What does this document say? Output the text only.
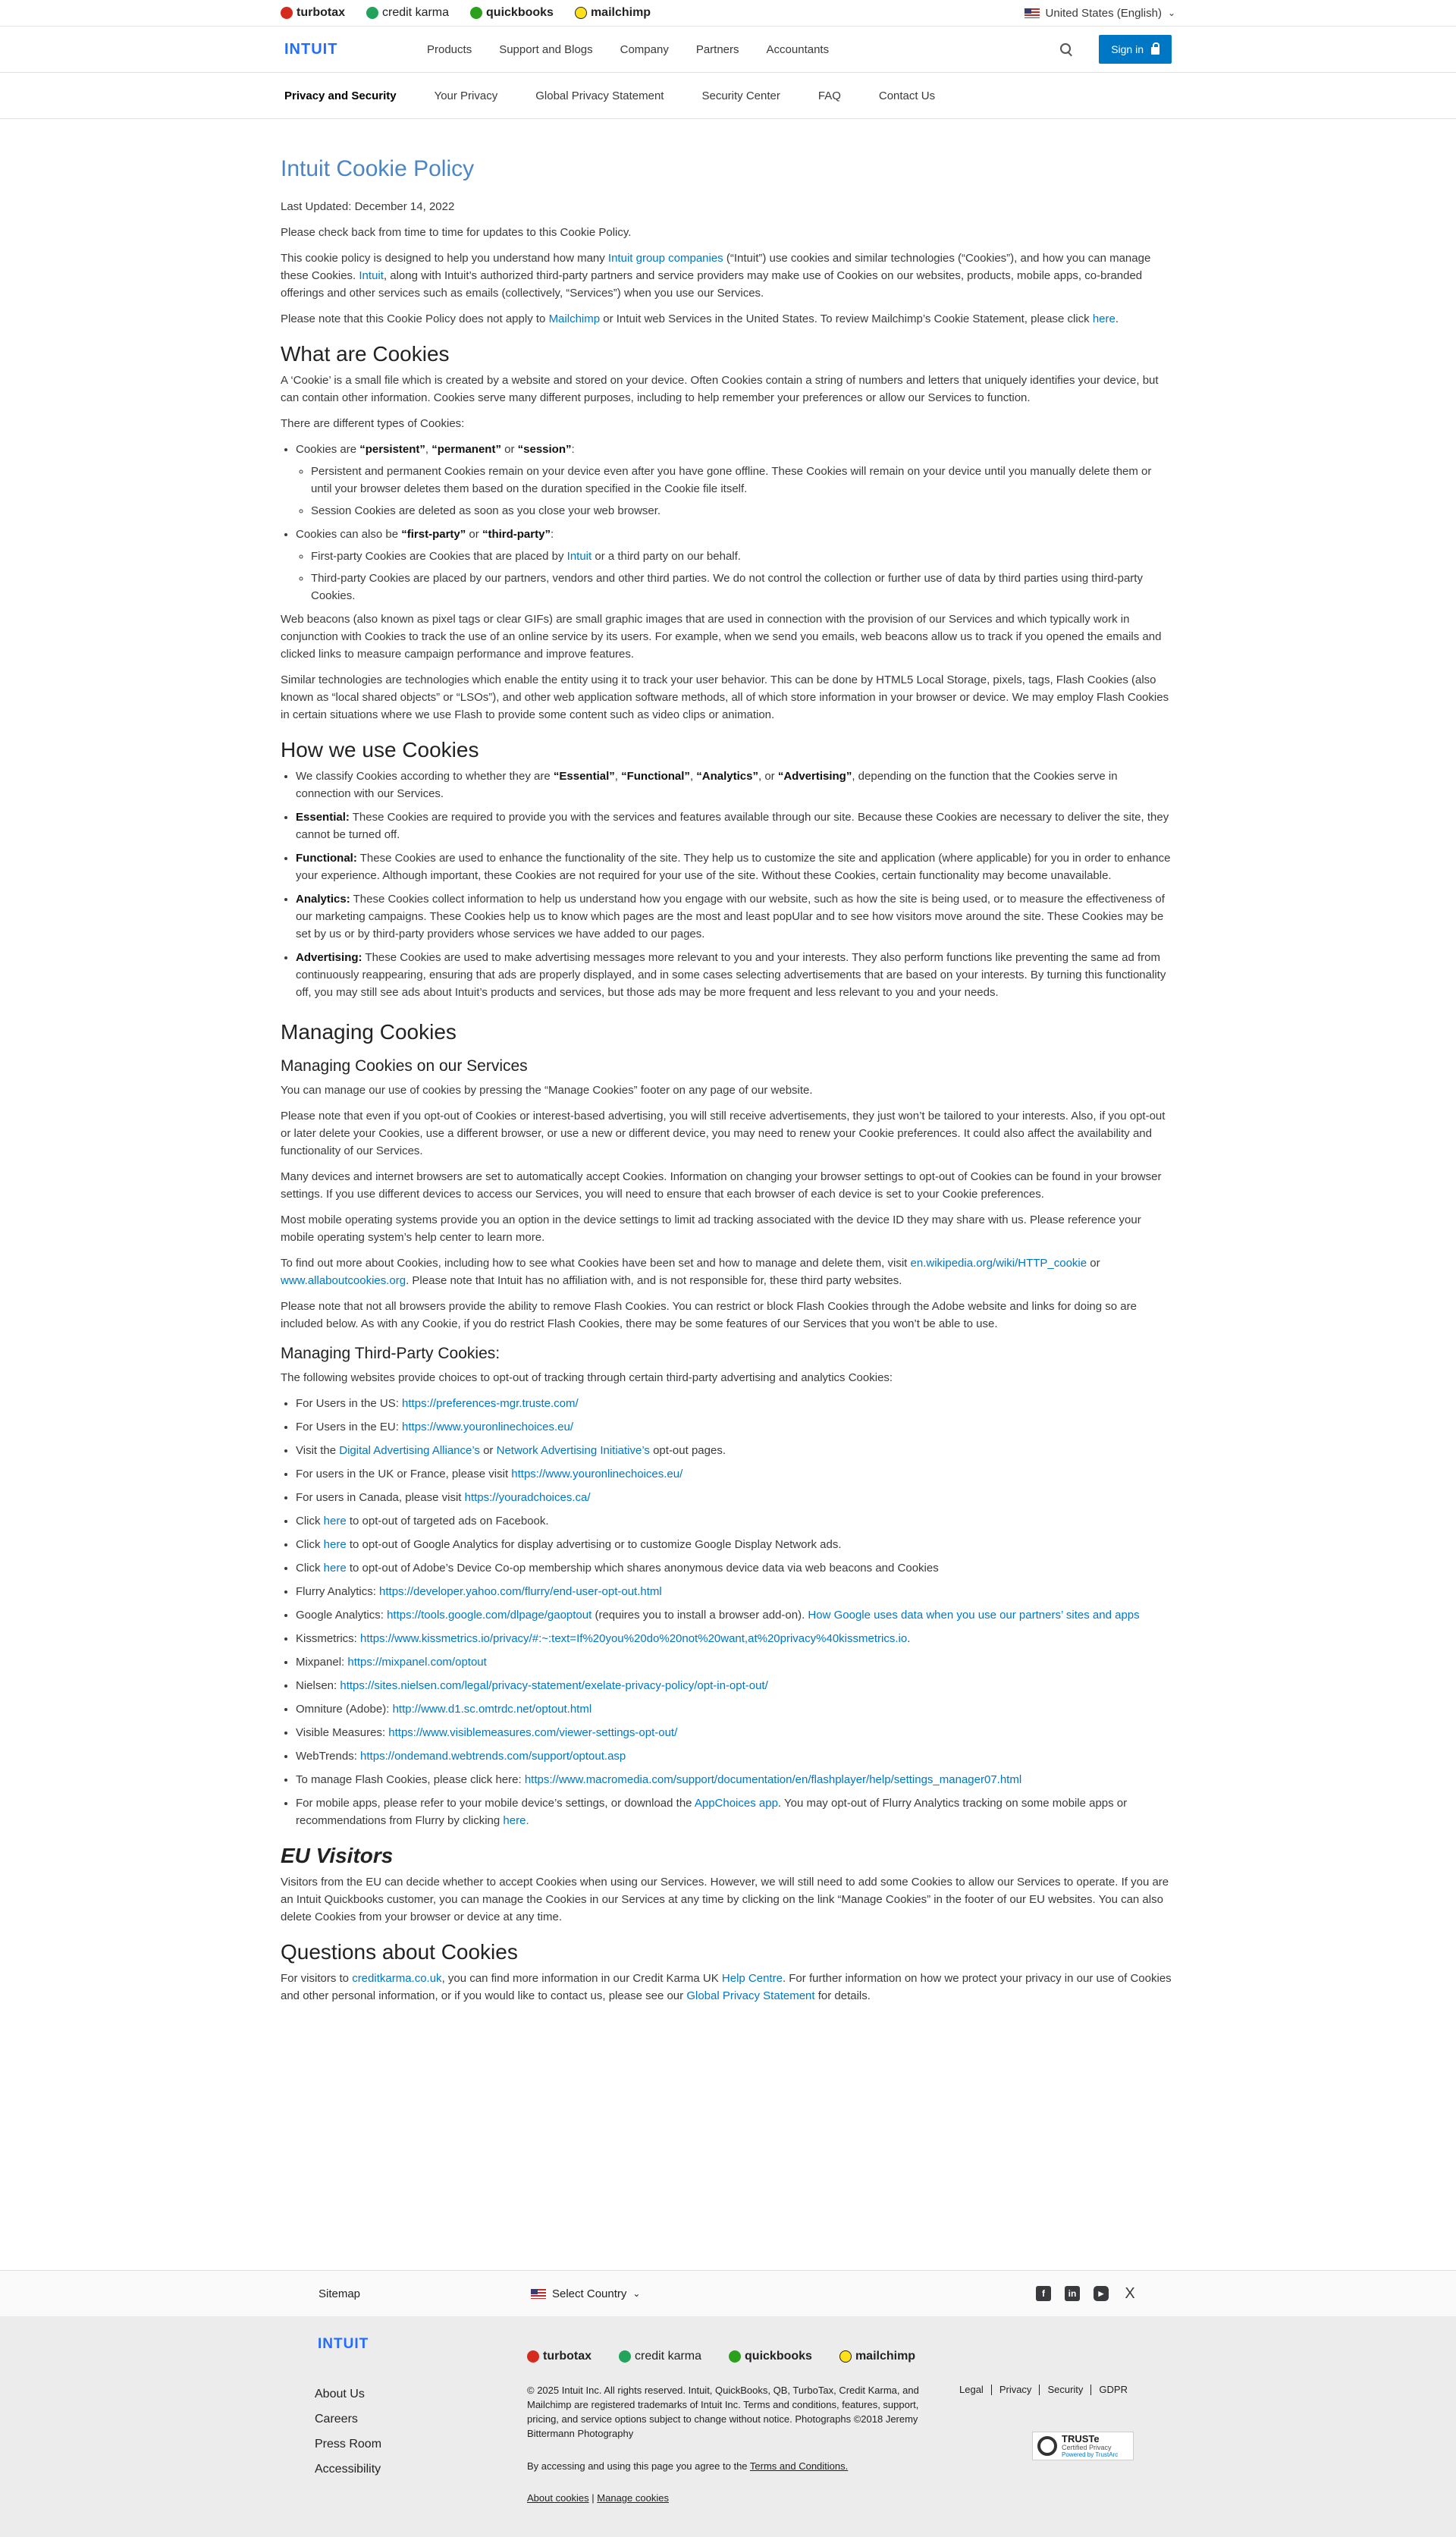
turbotax	credit karma	quickbooks	mailchimp	United States (English) ⌄
INTUIT	Products Support and Blogs Company Partners Accountants	Sign in
Privacy and Security	Your Privacy	Global Privacy Statement	Security Center	FAQ	Contact Us
Intuit Cookie Policy

Last Updated: December 14, 2022

Please check back from time to time for updates to this Cookie Policy.

This cookie policy is designed to help you understand how many Intuit group companies (“Intuit”) use cookies and similar technologies (“Cookies”), and how you can manage these Cookies. Intuit, along with Intuit’s authorized third-party partners and service providers may make use of Cookies on our websites, products, mobile apps, co-branded offerings and other services such as emails (collectively, “Services”) when you use our Services.

Please note that this Cookie Policy does not apply to Mailchimp or Intuit web Services in the United States. To review Mailchimp’s Cookie Statement, please click here.

What are Cookies

A ‘Cookie’ is a small file which is created by a website and stored on your device. Often Cookies contain a string of numbers and letters that uniquely identifies your device, but can contain other information. Cookies serve many different purposes, including to help remember your preferences or allow our Services to function.

There are different types of Cookies:

• Cookies are “persistent”, “permanent” or “session”:
◦ Persistent and permanent Cookies remain on your device even after you have gone offline. These Cookies will remain on your device until you manually delete them or until your browser deletes them based on the duration specified in the Cookie file itself.
◦ Session Cookies are deleted as soon as you close your web browser.
• Cookies can also be “first-party” or “third-party”:
◦ First-party Cookies are Cookies that are placed by Intuit or a third party on our behalf.
◦ Third-party Cookies are placed by our partners, vendors and other third parties. We do not control the collection or further use of data by third parties using third-party Cookies.

Web beacons (also known as pixel tags or clear GIFs) are small graphic images that are used in connection with the provision of our Services and which typically work in conjunction with Cookies to track the use of an online service by its users. For example, when we send you emails, web beacons allow us to track if you opened the emails and clicked links to measure campaign performance and improve features.

Similar technologies are technologies which enable the entity using it to track your user behavior. This can be done by HTML5 Local Storage, pixels, tags, Flash Cookies (also known as “local shared objects” or “LSOs”), and other web application software methods, all of which store information in your browser or device. We may employ Flash Cookies in certain situations where we use Flash to provide some content such as video clips or animation.

How we use Cookies
• We classify Cookies according to whether they are “Essential”, “Functional”, “Analytics”, or “Advertising”, depending on the function that the Cookies serve in connection with our Services.
• Essential: These Cookies are required to provide you with the services and features available through our site. Because these Cookies are necessary to deliver the site, they cannot be turned off.
• Functional: These Cookies are used to enhance the functionality of the site. They help us to customize the site and application (where applicable) for you in order to enhance your experience. Although important, these Cookies are not required for your use of the site. Without these Cookies, certain functionality may become unavailable.
• Analytics: These Cookies collect information to help us understand how you engage with our website, such as how the site is being used, or to measure the effectiveness of our marketing campaigns. These Cookies help us to know which pages are the most and least popUlar and to see how visitors move around the site. These Cookies may be set by us or by third-party providers whose services we have added to our pages.
• Advertising: These Cookies are used to make advertising messages more relevant to you and your interests. They also perform functions like preventing the same ad from continuously reappearing, ensuring that ads are properly displayed, and in some cases selecting advertisements that are based on your interests. By turning this functionality off, you may still see ads about Intuit’s products and services, but those ads may be more frequent and less relevant to you and your needs.
Managing Cookies
Managing Cookies on our Services

You can manage our use of cookies by pressing the “Manage Cookies” footer on any page of our website.

Please note that even if you opt-out of Cookies or interest-based advertising, you will still receive advertisements, they just won’t be tailored to your interests. Also, if you opt-out or later delete your Cookies, use a different browser, or use a new or different device, you may need to renew your Cookie preferences. It could also affect the availability and functionality of our Services.

Many devices and internet browsers are set to automatically accept Cookies. Information on changing your browser settings to opt-out of Cookies can be found in your browser settings. If you use different devices to access our Services, you will need to ensure that each browser of each device is set to your Cookie preferences.

Most mobile operating systems provide you an option in the device settings to limit ad tracking associated with the device ID they may share with us. Please reference your mobile operating system’s help center to learn more.

To find out more about Cookies, including how to see what Cookies have been set and how to manage and delete them, visit en.wikipedia.org/wiki/HTTP_cookie or www.allaboutcookies.org. Please note that Intuit has no affiliation with, and is not responsible for, these third party websites.

Please note that not all browsers provide the ability to remove Flash Cookies. You can restrict or block Flash Cookies through the Adobe website and links for doing so are included below. As with any Cookie, if you do restrict Flash Cookies, there may be some features of our Services that you won’t be able to use.

Managing Third-Party Cookies:

The following websites provide choices to opt-out of tracking through certain third-party advertising and analytics Cookies:

• For Users in the US: https://preferences-mgr.truste.com/
• For Users in the EU: https://www.youronlinechoices.eu/
• Visit the Digital Advertising Alliance’s or Network Advertising Initiative’s opt-out pages.
• For users in the UK or France, please visit https://www.youronlinechoices.eu/
• For users in Canada, please visit https://youradchoices.ca/
• Click here to opt-out of targeted ads on Facebook.
• Click here to opt-out of Google Analytics for display advertising or to customize Google Display Network ads.
• Click here to opt-out of Adobe’s Device Co-op membership which shares anonymous device data via web beacons and Cookies
• Flurry Analytics: https://developer.yahoo.com/flurry/end-user-opt-out.html
• Google Analytics: https://tools.google.com/dlpage/gaoptout (requires you to install a browser add-on). How Google uses data when you use our partners’ sites and apps
• Kissmetrics: https://www.kissmetrics.io/privacy/#:~:text=If%20you%20do%20not%20want,at%20privacy%40kissmetrics.io.
• Mixpanel: https://mixpanel.com/optout
• Nielsen: https://sites.nielsen.com/legal/privacy-statement/exelate-privacy-policy/opt-in-opt-out/
• Omniture (Adobe): http://www.d1.sc.omtrdc.net/optout.html
• Visible Measures: https://www.visiblemeasures.com/viewer-settings-opt-out/
• WebTrends: https://ondemand.webtrends.com/support/optout.asp
• To manage Flash Cookies, please click here: https://www.macromedia.com/support/documentation/en/flashplayer/help/settings_manager07.html
• For mobile apps, please refer to your mobile device’s settings, or download the AppChoices app. You may opt-out of Flurry Analytics tracking on some mobile apps or recommendations from Flurry by clicking here.
EU Visitors

Visitors from the EU can decide whether to accept Cookies when using our Services. However, we will still need to add some Cookies to allow our Services to operate. If you are an Intuit Quickbooks customer, you can manage the Cookies in our Services at any time by clicking on the link “Manage Cookies” in the footer of our EU websites. You can also delete Cookies from your browser or device at any time.

Questions about Cookies

For visitors to creditkarma.co.uk, you can find more information in our Credit Karma UK Help Centre. For further information on how we protect your privacy in our use of Cookies and other personal information, or if you would like to contact us, please see our Global Privacy Statement for details.

Sitemap	Select Country ⌄	f	in	▶	X
INTUIT
About Us
Careers
Press Room
Accessibility
turbotax	credit karma	quickbooks	mailchimp
© 2025 Intuit Inc. All rights reserved. Intuit, QuickBooks, QB, TurboTax, Credit Karma, and Mailchimp are registered trademarks of Intuit Inc. Terms and conditions, features, support, pricing, and service options subject to change without notice. Photographs ©2018 Jeremy Bittermann Photography
By accessing and using this page you agree to the Terms and Conditions.
About cookies | Manage cookies
Legal	Privacy	Security	GDPR
TRUSTe
Certified Privacy
Powered by TrustArc
